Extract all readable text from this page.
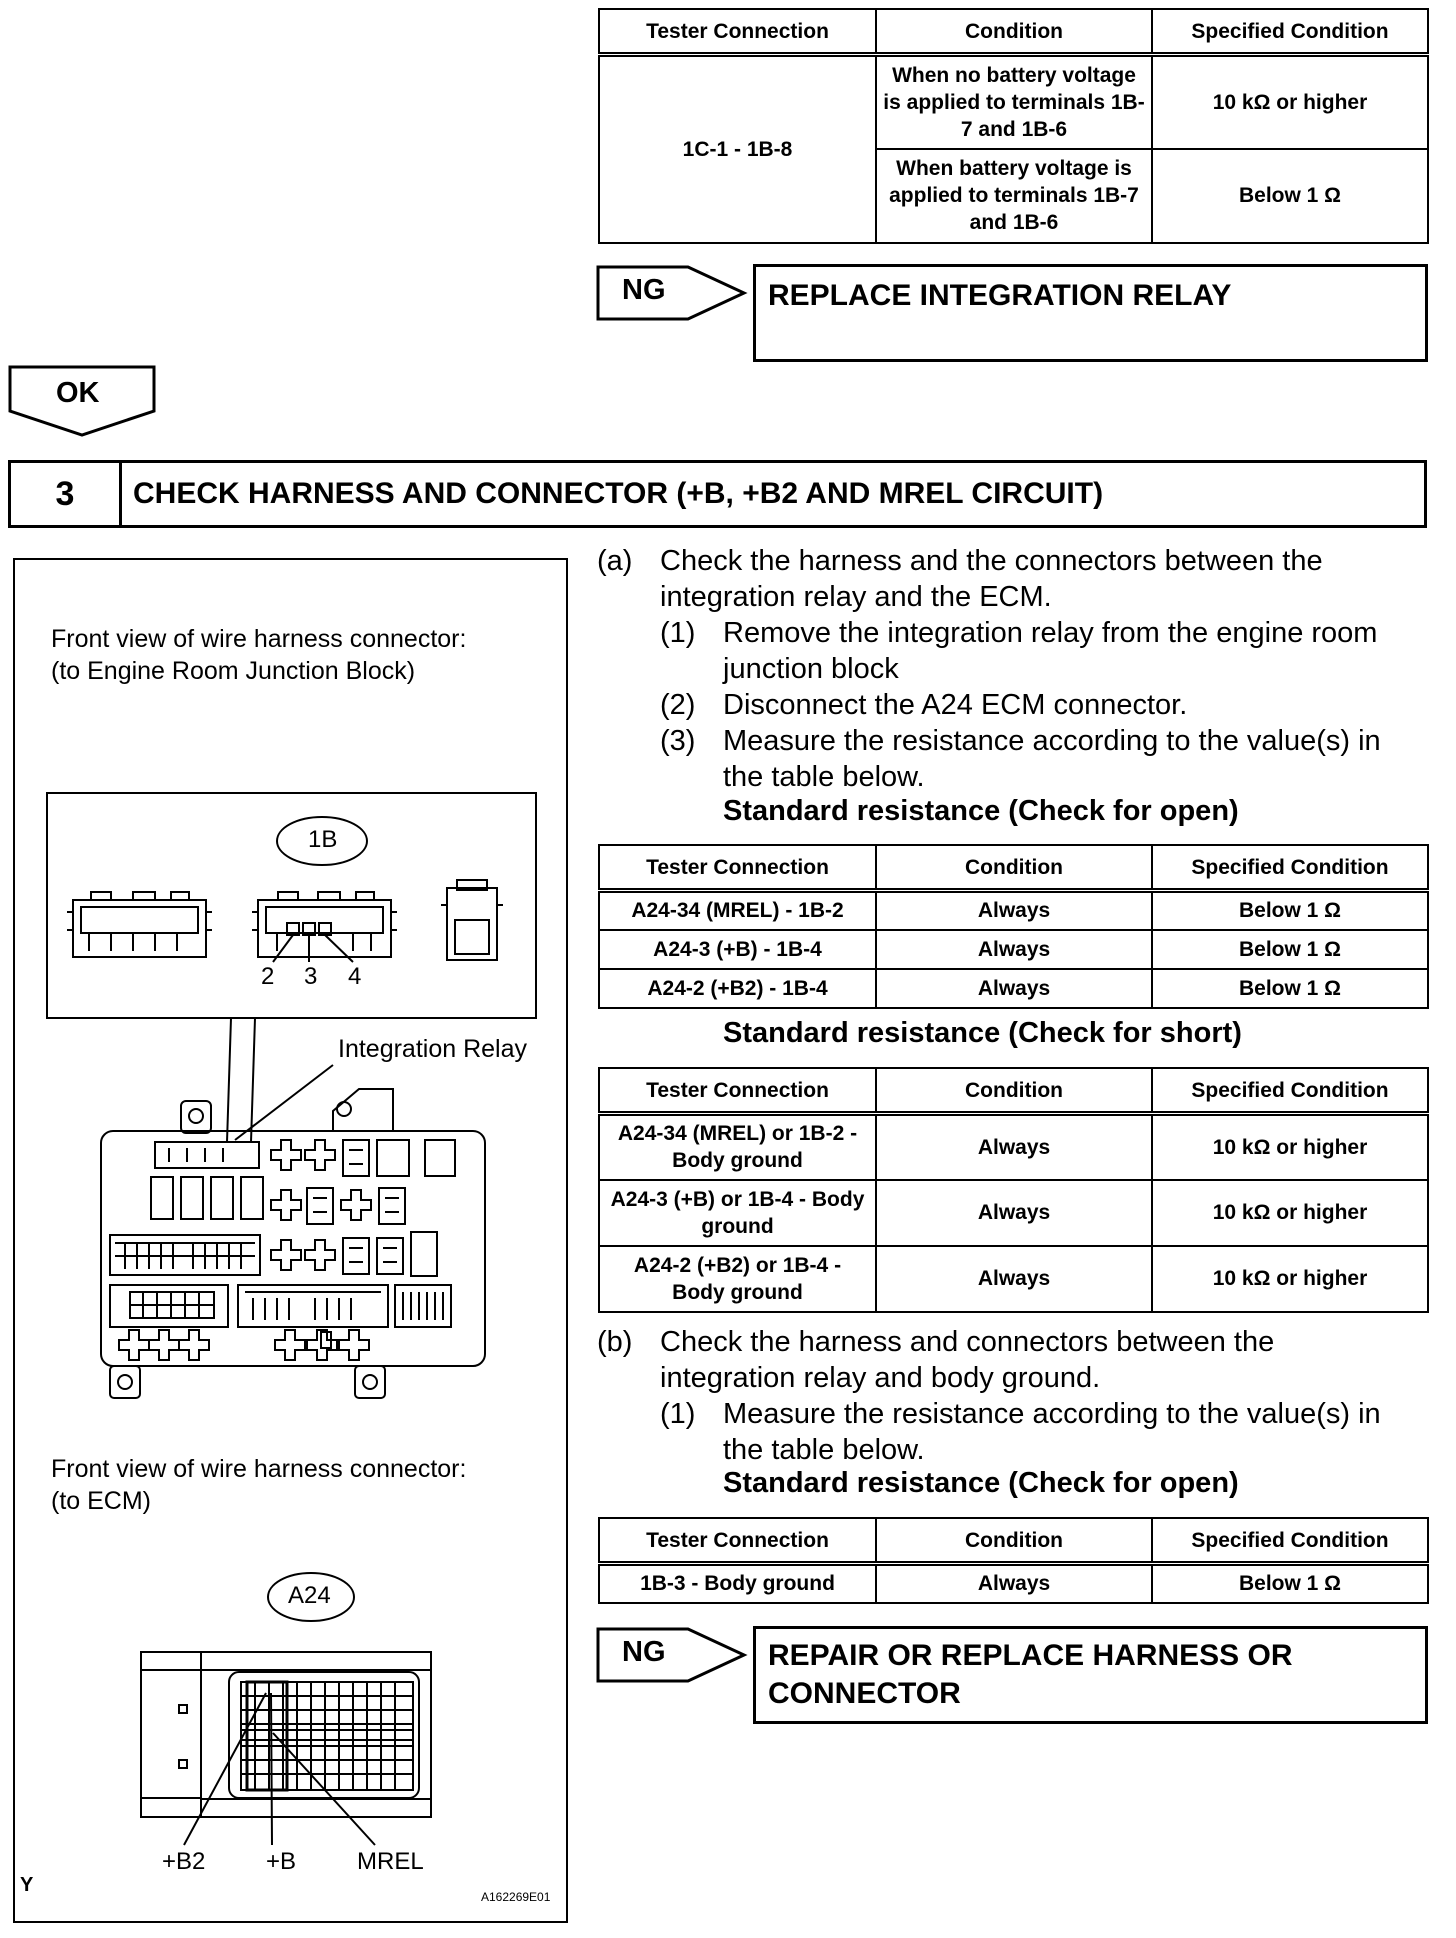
Tester Connection	Condition	Specified Condition
1C-1 - 1B-8	When no battery voltage is applied to terminals 1B-7 and 1B-6	10 kΩ or higher
	When battery voltage is applied to terminals 1B-7 and 1B-6	Below 1 Ω
NG	REPLACE INTEGRATION RELAY
OK
3	CHECK HARNESS AND CONNECTOR (+B, +B2 AND MREL CIRCUIT)
(a) Check the harness and the connectors between the integration relay and the ECM.
(1) Remove the integration relay from the engine room junction block
(2) Disconnect the A24 ECM connector.
(3) Measure the resistance according to the value(s) in the table below.
Standard resistance (Check for open)
Tester Connection	Condition	Specified Condition
A24-34 (MREL) - 1B-2	Always	Below 1 Ω
A24-3 (+B) - 1B-4	Always	Below 1 Ω
A24-2 (+B2) - 1B-4	Always	Below 1 Ω
Standard resistance (Check for short)
Tester Connection	Condition	Specified Condition
A24-34 (MREL) or 1B-2 - Body ground	Always	10 kΩ or higher
A24-3 (+B) or 1B-4 - Body ground	Always	10 kΩ or higher
A24-2 (+B2) or 1B-4 - Body ground	Always	10 kΩ or higher
(b) Check the harness and connectors between the integration relay and body ground.
(1) Measure the resistance according to the value(s) in the table below.
Standard resistance (Check for open)
Tester Connection	Condition	Specified Condition
1B-3 - Body ground	Always	Below 1 Ω
NG	REPAIR OR REPLACE HARNESS OR CONNECTOR
Front view of wire harness connector:
(to Engine Room Junction Block)
1B
2 3 4
Integration Relay
Front view of wire harness connector:
(to ECM)
A24
+B2	+B	MREL
Y
A162269E01
